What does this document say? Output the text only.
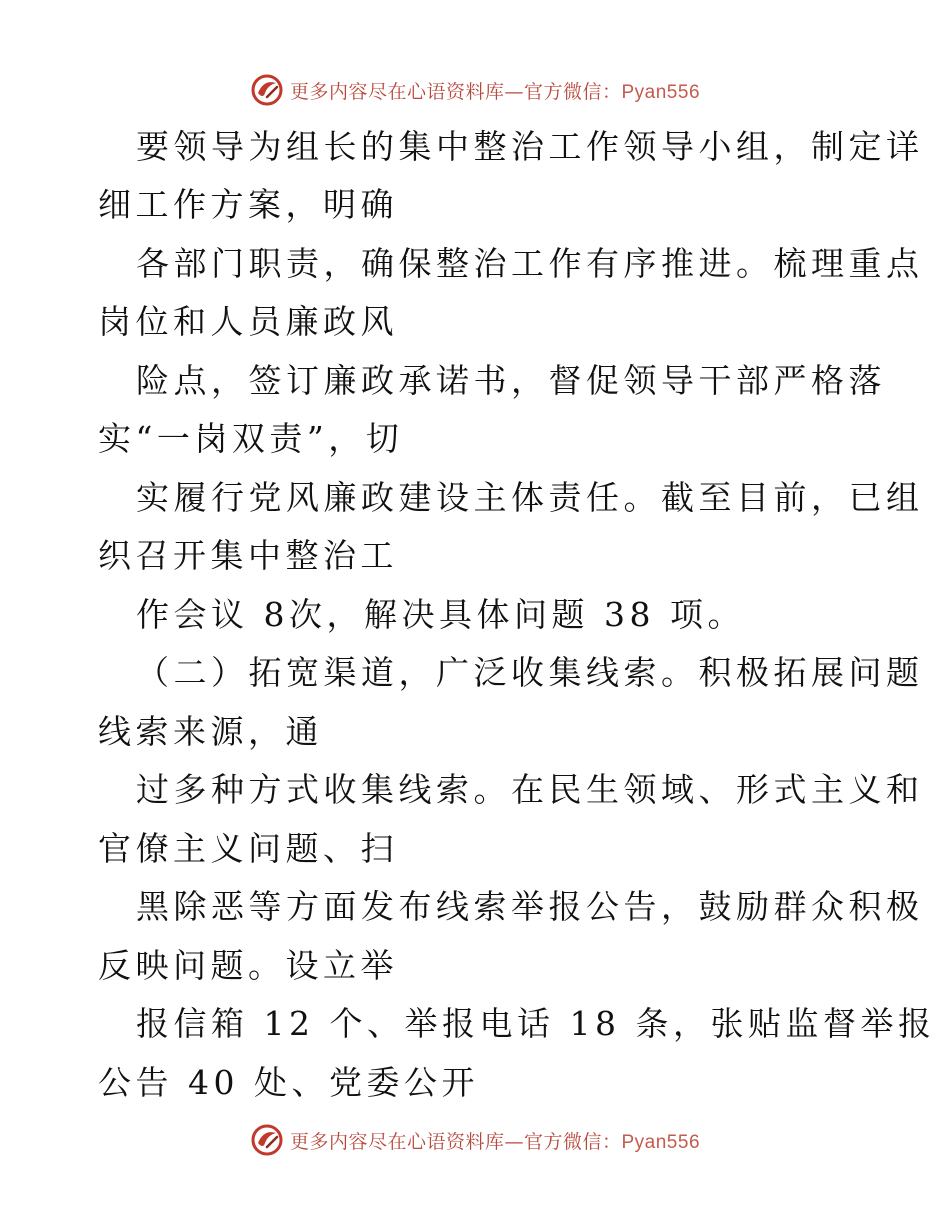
更多内容尽在心语资料库—官方微信：Pyan556
要领导为组长的集中整治工作领导小组，制定详
细工作方案，明确
各部门职责，确保整治工作有序推进。梳理重点
岗位和人员廉政风
险点，签订廉政承诺书，督促领导干部严格落
实“一岗双责”，切
实履行党风廉政建设主体责任。截至目前，已组
织召开集中整治工
作会议 8次，解决具体问题 38 项。
（二）拓宽渠道，广泛收集线索。积极拓展问题
线索来源，通
过多种方式收集线索。在民生领域、形式主义和
官僚主义问题、扫
黑除恶等方面发布线索举报公告，鼓励群众积极
反映问题。设立举
报信箱 12 个、举报电话 18 条，张贴监督举报
公告 40 处、党委公开
更多内容尽在心语资料库—官方微信：Pyan556
